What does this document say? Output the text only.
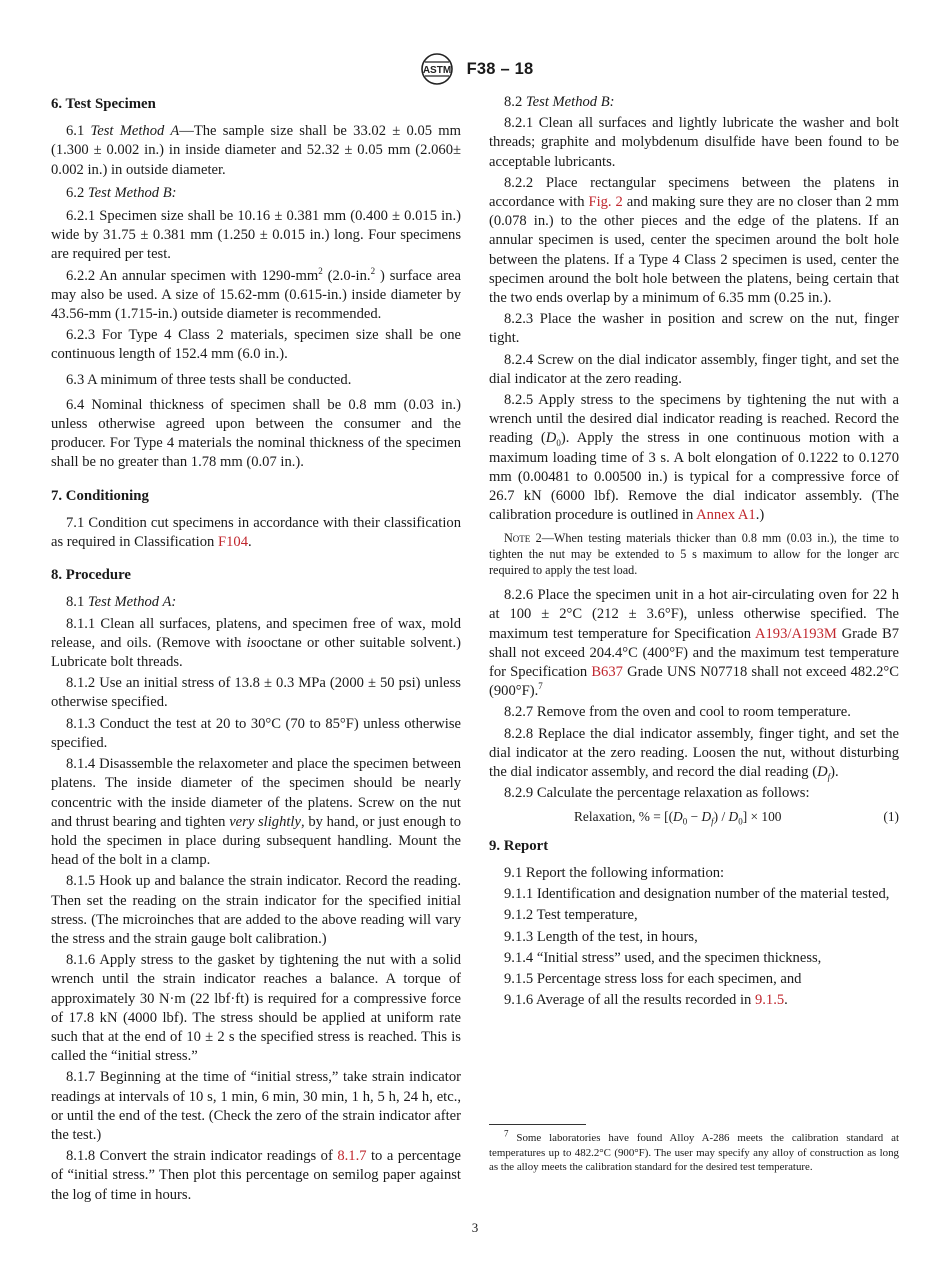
ASTM F38 – 18
6. Test Specimen
6.1 Test Method A—The sample size shall be 33.02 ± 0.05 mm (1.300 ± 0.002 in.) in inside diameter and 52.32 ± 0.05 mm (2.060± 0.002 in.) in outside diameter.
6.2 Test Method B:
6.2.1 Specimen size shall be 10.16 ± 0.381 mm (0.400 ± 0.015 in.) wide by 31.75 ± 0.381 mm (1.250 ± 0.015 in.) long. Four specimens are required per test.
6.2.2 An annular specimen with $1290-mm^2$ (2.0-in.$^2$ ) surface area may also be used. A size of 15.62-mm (0.615-in.) inside diameter by 43.56-mm (1.715-in.) outside diameter is recommended.
6.2.3 For Type 4 Class 2 materials, specimen size shall be one continuous length of 152.4 mm (6.0 in.).
6.3 A minimum of three tests shall be conducted.
6.4 Nominal thickness of specimen shall be 0.8 mm (0.03 in.) unless otherwise agreed upon between the consumer and the producer. For Type 4 materials the nominal thickness of the specimen shall be no greater than 1.78 mm (0.07 in.).
7. Conditioning
7.1 Condition cut specimens in accordance with their classification as required in Classification F104.
8. Procedure
8.1 Test Method A:
8.1.1 Clean all surfaces, platens, and specimen free of wax, mold release, and oils. (Remove with isooctane or other suitable solvent.) Lubricate bolt threads.
8.1.2 Use an initial stress of 13.8 ± 0.3 MPa (2000 ± 50 psi) unless otherwise specified.
8.1.3 Conduct the test at 20 to 30°C (70 to 85°F) unless otherwise specified.
8.1.4 Disassemble the relaxometer and place the specimen between platens. The inside diameter of the specimen should be nearly concentric with the inside diameter of the platens. Screw on the nut and thrust bearing and tighten very slightly, by hand, or just enough to hold the specimen in place during subsequent handling. Mount the head of the bolt in a clamp.
8.1.5 Hook up and balance the strain indicator. Record the reading. Then set the reading on the strain indicator for the specified initial stress. (The microinches that are added to the above reading will vary the stress and the strain gauge bolt calibration.)
8.1.6 Apply stress to the gasket by tightening the nut with a solid wrench until the strain indicator reaches a balance. A torque of approximately 30 N·m (22 lbf·ft) is required for a compressive force of 17.8 kN (4000 lbf). The stress should be applied at uniform rate such that at the end of 10 ± 2 s the specified stress is reached. This is called the “initial stress.”
8.1.7 Beginning at the time of “initial stress,” take strain indicator readings at intervals of 10 s, 1 min, 6 min, 30 min, 1 h, 5 h, 24 h, etc., or until the end of the test. (Check the zero of the strain indicator after the test.)
8.1.8 Convert the strain indicator readings of 8.1.7 to a percentage of “initial stress.” Then plot this percentage on semilog paper against the log of time in hours.
8.2 Test Method B:
8.2.1 Clean all surfaces and lightly lubricate the washer and bolt threads; graphite and molybdenum disulfide have been found to be acceptable lubricants.
8.2.2 Place rectangular specimens between the platens in accordance with Fig. 2 and making sure they are no closer than 2 mm (0.078 in.) to the other pieces and the edge of the platens. If an annular specimen is used, center the specimen around the bolt hole between the platens. If a Type 4 Class 2 specimen is used, center the specimen around the bolt hole between the platens, being certain that the two ends overlap by a minimum of 6.35 mm (0.25 in.).
8.2.3 Place the washer in position and screw on the nut, finger tight.
8.2.4 Screw on the dial indicator assembly, finger tight, and set the dial indicator at the zero reading.
8.2.5 Apply stress to the specimens by tightening the nut with a wrench until the desired dial indicator reading is reached. Record the reading $(D_0)$. Apply the stress in one continuous motion with a maximum loading time of 3 s. A bolt elongation of 0.1222 to 0.1270 mm (0.00481 to 0.00500 in.) is typical for a compressive force of 26.7 kN (6000 lbf). Remove the dial indicator assembly. (The calibration procedure is outlined in Annex A1.)
Note 2—When testing materials thicker than 0.8 mm (0.03 in.), the time to tighten the nut may be extended to 5 s maximum to allow for the longer arc required to apply the test load.
8.2.6 Place the specimen unit in a hot air-circulating oven for 22 h at 100 ± 2°C (212 ± 3.6°F), unless otherwise specified. The maximum test temperature for Specification A193/A193M Grade B7 shall not exceed 204.4°C (400°F) and the maximum test temperature for Specification B637 Grade UNS N07718 shall not exceed 482.2°C (900°F).$^7$
8.2.7 Remove from the oven and cool to room temperature.
8.2.8 Replace the dial indicator assembly, finger tight, and set the dial indicator at the zero reading. Loosen the nut, without disturbing the dial indicator assembly, and record the dial reading $(D_f)$.
8.2.9 Calculate the percentage relaxation as follows:
Relaxation, % = $[(D_0 - D_f) / D_0] \times 100$	(1)
9. Report
9.1 Report the following information:
9.1.1 Identification and designation number of the material tested,
9.1.2 Test temperature,
9.1.3 Length of the test, in hours,
9.1.4 “Initial stress” used, and the specimen thickness,
9.1.5 Percentage stress loss for each specimen, and
9.1.6 Average of all the results recorded in 9.1.5.
$^7$ Some laboratories have found Alloy A-286 meets the calibration standard at temperatures up to 482.2°C (900°F). The user may specify any alloy of construction as long as the alloy meets the calibration standard for the desired test temperature.
3
